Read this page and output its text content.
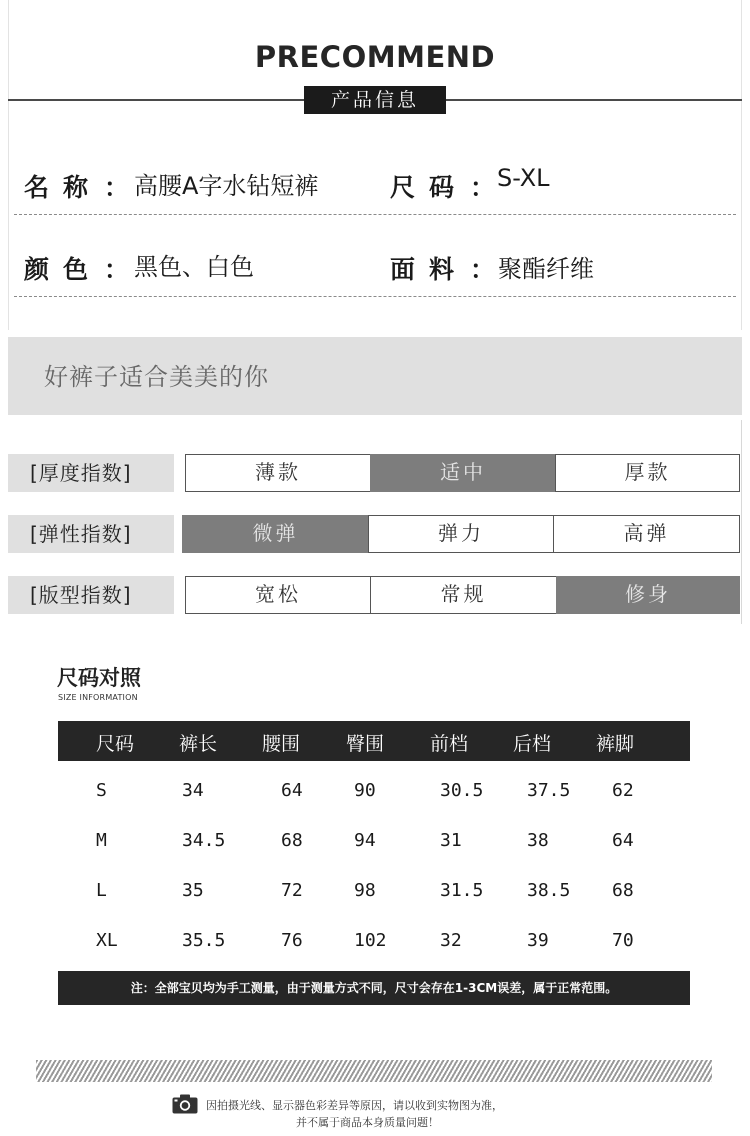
PRECOMMEND
产品信息
名称 ： 高腰A字水钻短裤	尺码 ： S-XL
颜色 ： 黑色、白色	面料 ： 聚酯纤维
好裤子适合美美的你
[厚度指数]	薄款	适中	厚款
[弹性指数]	微弹	弹力	高弹
[版型指数]	宽松	常规	修身
尺码对照
SIZE INFORMATION
尺码 裤长 腰围 臀围 前档 后档 裤脚
S	34	64	90	30.5 37.5 62
M	34.5	68	94	31	38	64
L	35	72	98	31.5 38.5 68
XL	35.5	76	102	32	39	70
注：全部宝贝均为手工测量，由于测量方式不同，尺寸会存在1-3CM误差，属于正常范围。
因拍摄光线、显示器色彩差异等原因，请以收到实物图为准，
并不属于商品本身质量问题！
